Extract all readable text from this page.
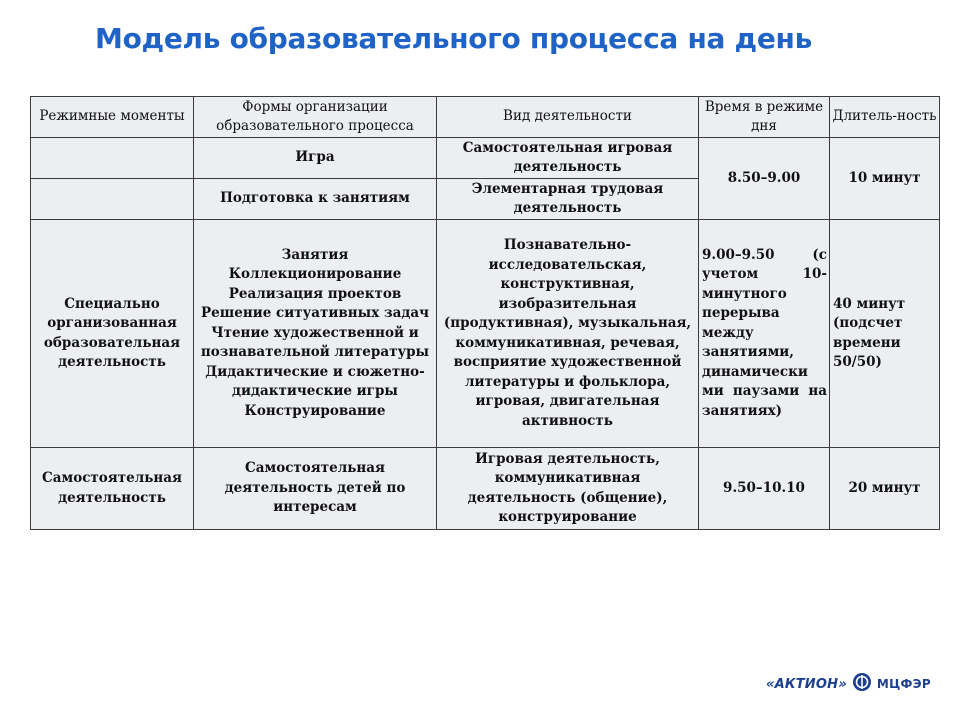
Модель образовательного процесса на день
Режимные моменты	Формы организации образовательного процесса	Вид деятельности	Время в режиме дня	Длитель-ность
	Игра	Самостоятельная игровая деятельность	8.50–9.00	10 минут
	Подготовка к занятиям	Элементарная трудовая деятельность		
Специально организованная образовательная деятельность	Занятия Коллекционирование Реализация проектов Решение ситуативных задач Чтение художественной и познавательной литературы Дидактические и сюжетно-дидактические игры Конструирование	Познавательно-исследовательская, конструктивная, изобразительная (продуктивная), музыкальная, коммуникативная, речевая, восприятие художественной литературы и фольклора, игровая, двигательная активность	9.00–9.50 (с учетом 10-минутного перерыва между занятиями, динамически ми паузами на занятиях)	40 минут (подсчет времени 50/50)
Самостоятельная деятельность	Самостоятельная деятельность детей по интересам	Игровая деятельность, коммуникативная деятельность (общение), конструирование	9.50–10.10	20 минут
«АКТИОН»	МЦФЭР
